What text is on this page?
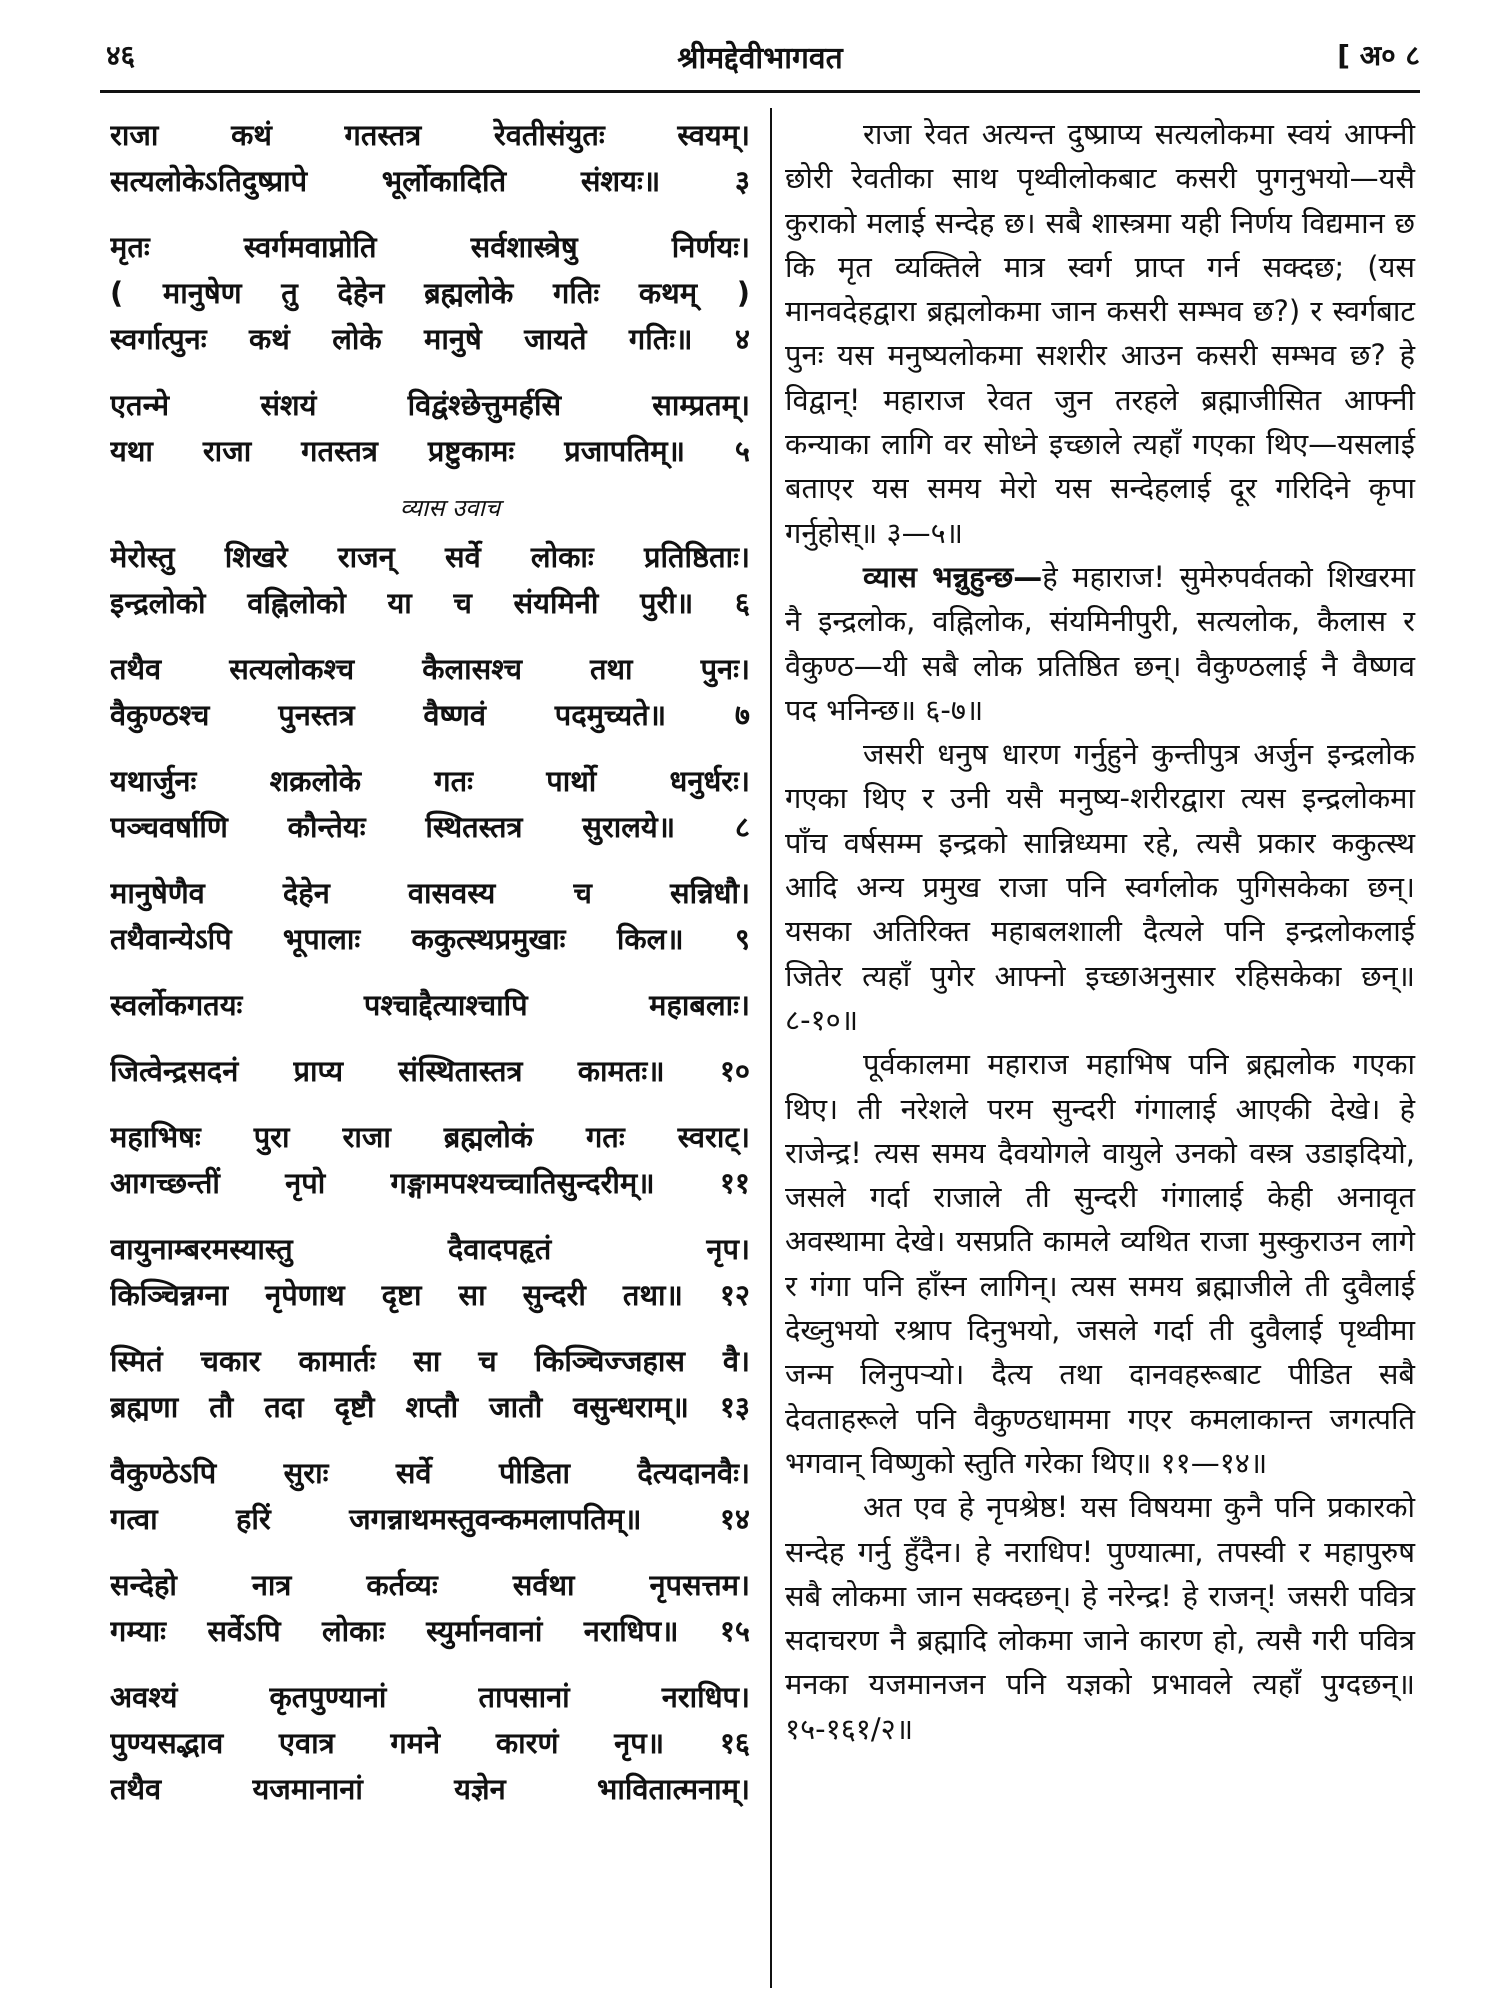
४६	श्रीमद्देवीभागवत	[ अ० ८
राजा कथं गतस्तत्र रेवतीसंयुतः स्वयम्।
सत्यलोकेऽतिदुष्प्रापे भूर्लोकादिति संशयः॥ ३
मृतः स्वर्गमवाप्नोति सर्वशास्त्रेषु निर्णयः।
( मानुषेण तु देहेन ब्रह्मलोके गतिः कथम् )
स्वर्गात्पुनः कथं लोके मानुषे जायते गतिः॥ ४
एतन्मे संशयं विद्वंश्छेत्तुमर्हसि साम्प्रतम्।
यथा राजा गतस्तत्र प्रष्टुकामः प्रजापतिम्॥ ५
व्यास उवाच
मेरोस्तु शिखरे राजन् सर्वे लोकाः प्रतिष्ठिताः।
इन्द्रलोको वह्निलोको या च संयमिनी पुरी॥ ६
तथैव सत्यलोकश्च कैलासश्च तथा पुनः।
वैकुण्ठश्च पुनस्तत्र वैष्णवं पदमुच्यते॥ ७
यथार्जुनः शक्रलोके गतः पार्थो धनुर्धरः।
पञ्चवर्षाणि कौन्तेयः स्थितस्तत्र सुरालये॥ ८
मानुषेणैव देहेन वासवस्य च सन्निधौ।
तथैवान्येऽपि भूपालाः ककुत्स्थप्रमुखाः किल॥ ९
स्वर्लोकगतयः पश्चाद्दैत्याश्चापि महाबलाः।
जित्वेन्द्रसदनं प्राप्य संस्थितास्तत्र कामतः॥ १०
महाभिषः पुरा राजा ब्रह्मलोकं गतः स्वराट्।
आगच्छन्तीं नृपो गङ्गामपश्यच्चातिसुन्दरीम्॥ ११
वायुनाम्बरमस्यास्तु दैवादपहृतं नृप।
किञ्चिन्नग्ना नृपेणाथ दृष्टा सा सुन्दरी तथा॥ १२
स्मितं चकार कामार्तः सा च किञ्चिज्जहास वै।
ब्रह्मणा तौ तदा दृष्टौ शप्तौ जातौ वसुन्धराम्॥ १३
वैकुण्ठेऽपि सुराः सर्वे पीडिता दैत्यदानवैः।
गत्वा हरिं जगन्नाथमस्तुवन्कमलापतिम्॥ १४
सन्देहो नात्र कर्तव्यः सर्वथा नृपसत्तम।
गम्याः सर्वेऽपि लोकाः स्युर्मानवानां नराधिप॥ १५
अवश्यं कृतपुण्यानां तापसानां नराधिप।
पुण्यसद्भाव एवात्र गमने कारणं नृप॥ १६
तथैव यजमानानां यज्ञेन भावितात्मनाम्।

राजा रेवत अत्यन्त दुष्प्राप्य सत्यलोकमा स्वयं आफ्नी छोरी रेवतीका साथ पृथ्वीलोकबाट कसरी पुगनुभयो—यसै कुराको मलाई सन्देह छ। सबै शास्त्रमा यही निर्णय विद्यमान छ कि मृत व्यक्तिले मात्र स्वर्ग प्राप्त गर्न सक्दछ; (यस मानवदेहद्वारा ब्रह्मलोकमा जान कसरी सम्भव छ?) र स्वर्गबाट पुनः यस मनुष्यलोकमा सशरीर आउन कसरी सम्भव छ? हे विद्वान्! महाराज रेवत जुन तरहले ब्रह्माजीसित आफ्नी कन्याका लागि वर सोध्ने इच्छाले त्यहाँ गएका थिए—यसलाई बताएर यस समय मेरो यस सन्देहलाई दूर गरिदिने कृपा गर्नुहोस्॥ ३—५॥

व्यास भन्नुहुन्छ—हे महाराज! सुमेरुपर्वतको शिखरमा नै इन्द्रलोक, वह्निलोक, संयमिनीपुरी, सत्यलोक, कैलास र वैकुण्ठ—यी सबै लोक प्रतिष्ठित छन्। वैकुण्ठलाई नै वैष्णव पद भनिन्छ॥ ६-७॥

जसरी धनुष धारण गर्नुहुने कुन्तीपुत्र अर्जुन इन्द्रलोक गएका थिए र उनी यसै मनुष्य-शरीरद्वारा त्यस इन्द्रलोकमा पाँच वर्षसम्म इन्द्रको सान्निध्यमा रहे, त्यसै प्रकार ककुत्स्थ आदि अन्य प्रमुख राजा पनि स्वर्गलोक पुगिसकेका छन्। यसका अतिरिक्त महाबलशाली दैत्यले पनि इन्द्रलोकलाई जितेर त्यहाँ पुगेर आफ्नो इच्छाअनुसार रहिसकेका छन्॥ ८-१०॥

पूर्वकालमा महाराज महाभिष पनि ब्रह्मलोक गएका थिए। ती नरेशले परम सुन्दरी गंगालाई आएकी देखे। हे राजेन्द्र! त्यस समय दैवयोगले वायुले उनको वस्त्र उडाइदियो, जसले गर्दा राजाले ती सुन्दरी गंगालाई केही अनावृत अवस्थामा देखे। यसप्रति कामले व्यथित राजा मुस्कुराउन लागे र गंगा पनि हाँस्न लागिन्। त्यस समय ब्रह्माजीले ती दुवैलाई देख्नुभयो रश्राप दिनुभयो, जसले गर्दा ती दुवैलाई पृथ्वीमा जन्म लिनुपर्‍यो। दैत्य तथा दानवहरूबाट पीडित सबै देवताहरूले पनि वैकुण्ठधाममा गएर कमलाकान्त जगत्पति भगवान् विष्णुको स्तुति गरेका थिए॥ ११—१४॥

अत एव हे नृपश्रेष्ठ! यस विषयमा कुनै पनि प्रकारको सन्देह गर्नु हुँदैन। हे नराधिप! पुण्यात्मा, तपस्वी र महापुरुष सबै लोकमा जान सक्दछन्। हे नरेन्द्र! हे राजन्! जसरी पवित्र सदाचरण नै ब्रह्मादि लोकमा जाने कारण हो, त्यसै गरी पवित्र मनका यजमानजन पनि यज्ञको प्रभावले त्यहाँ पुग्दछन्॥ १५-१६१/२॥
